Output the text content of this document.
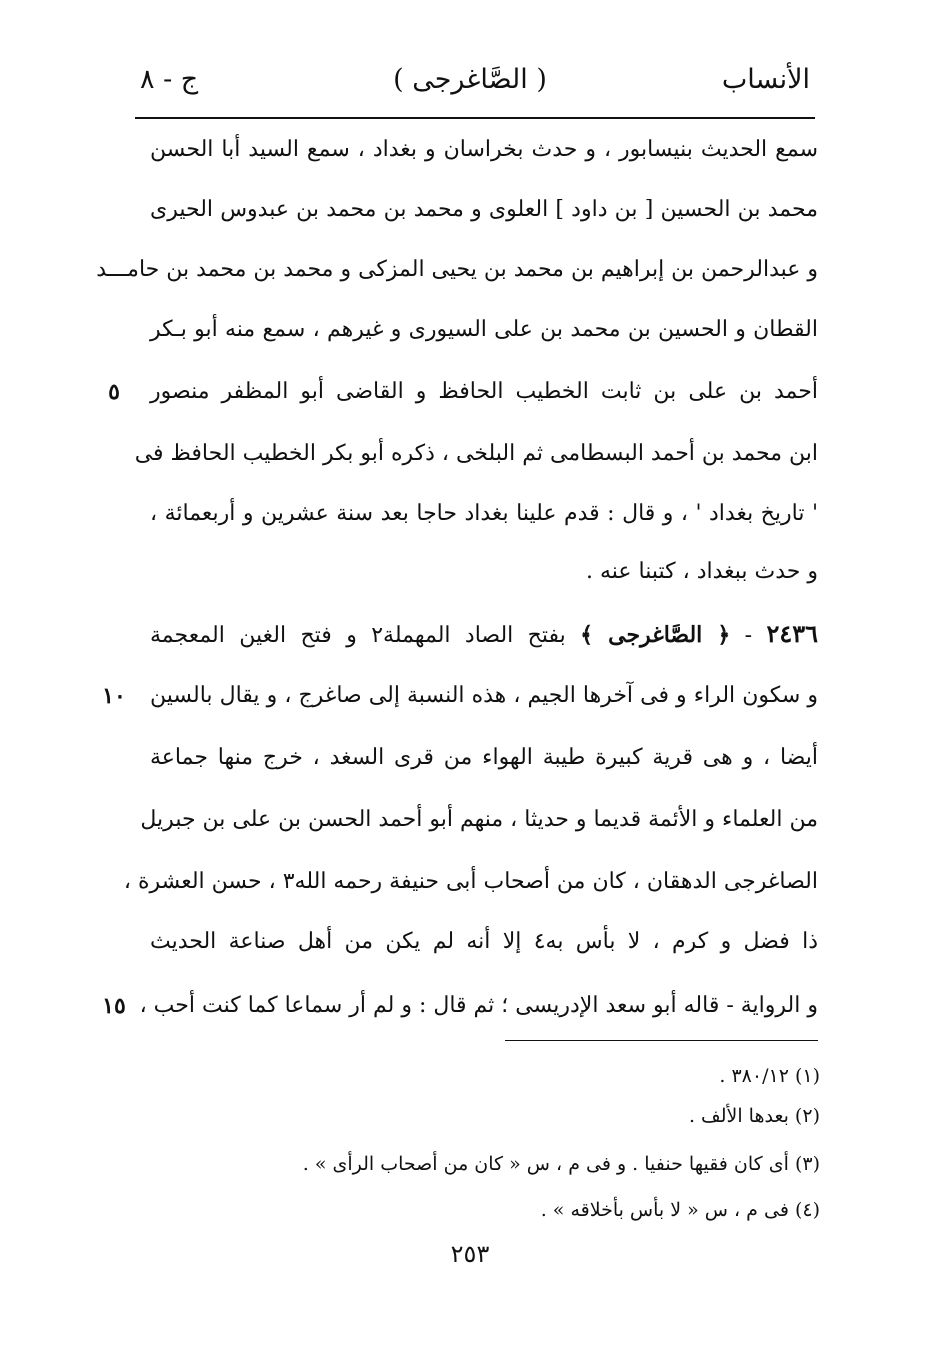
الأنساب
( الصَّاغرجى )
ج - ٨
سمع الحديث بنيسابور ، و حدث بخراسان و بغداد ، سمع السيد أبا الحسن
محمد بن الحسين [ بن داود ] العلوى و محمد بن محمد بن عبدوس الحيرى
و عبدالرحمن بن إبراهيم بن محمد بن يحيى المزكى و محمد بن محمد بن حامـــد
القطان و الحسين بن محمد بن على السيورى و غيرهم ، سمع منه أبو بـكر
أحمد بن على بن ثابت الخطيب الحافظ و القاضى أبو المظفر منصور
٥
ابن محمد بن أحمد البسطامى ثم البلخى ، ذكره أبو بكر الخطيب الحافظ فى
' تاريخ بغداد ' ، و قال : قدم علينا بغداد حاجا بعد سنة عشرين و أربعمائة ،
و حدث ببغداد ، كتبنا عنه .
٢٤٣٦ - ﴿ الصَّاغرجى ﴾ بفتح الصاد المهملة٢ و فتح الغين المعجمة
و سكون الراء و فى آخرها الجيم ، هذه النسبة إلى صاغرج ، و يقال بالسين
١٠
أيضا ، و هى قرية كبيرة طيبة الهواء من قرى السغد ، خرج منها جماعة
من العلماء و الأئمة قديما و حديثا ، منهم أبو أحمد الحسن بن على بن جبريل
الصاغرجى الدهقان ، كان من أصحاب أبى حنيفة رحمه الله٣ ، حسن العشرة ،
ذا فضل و كرم ، لا بأس به٤ إلا أنه لم يكن من أهل صناعة الحديث
و الرواية - قاله أبو سعد الإدريسى ؛ ثم قال : و لم أر سماعا كما كنت أحب ،
١٥
(١) ٣٨٠/١٢ .
(٢) بعدها الألف .
(٣) أى كان فقيها حنفيا . و فى م ، س « كان من أصحاب الرأى » .
(٤) فى م ، س « لا بأس بأخلاقه » .
٢٥٣
